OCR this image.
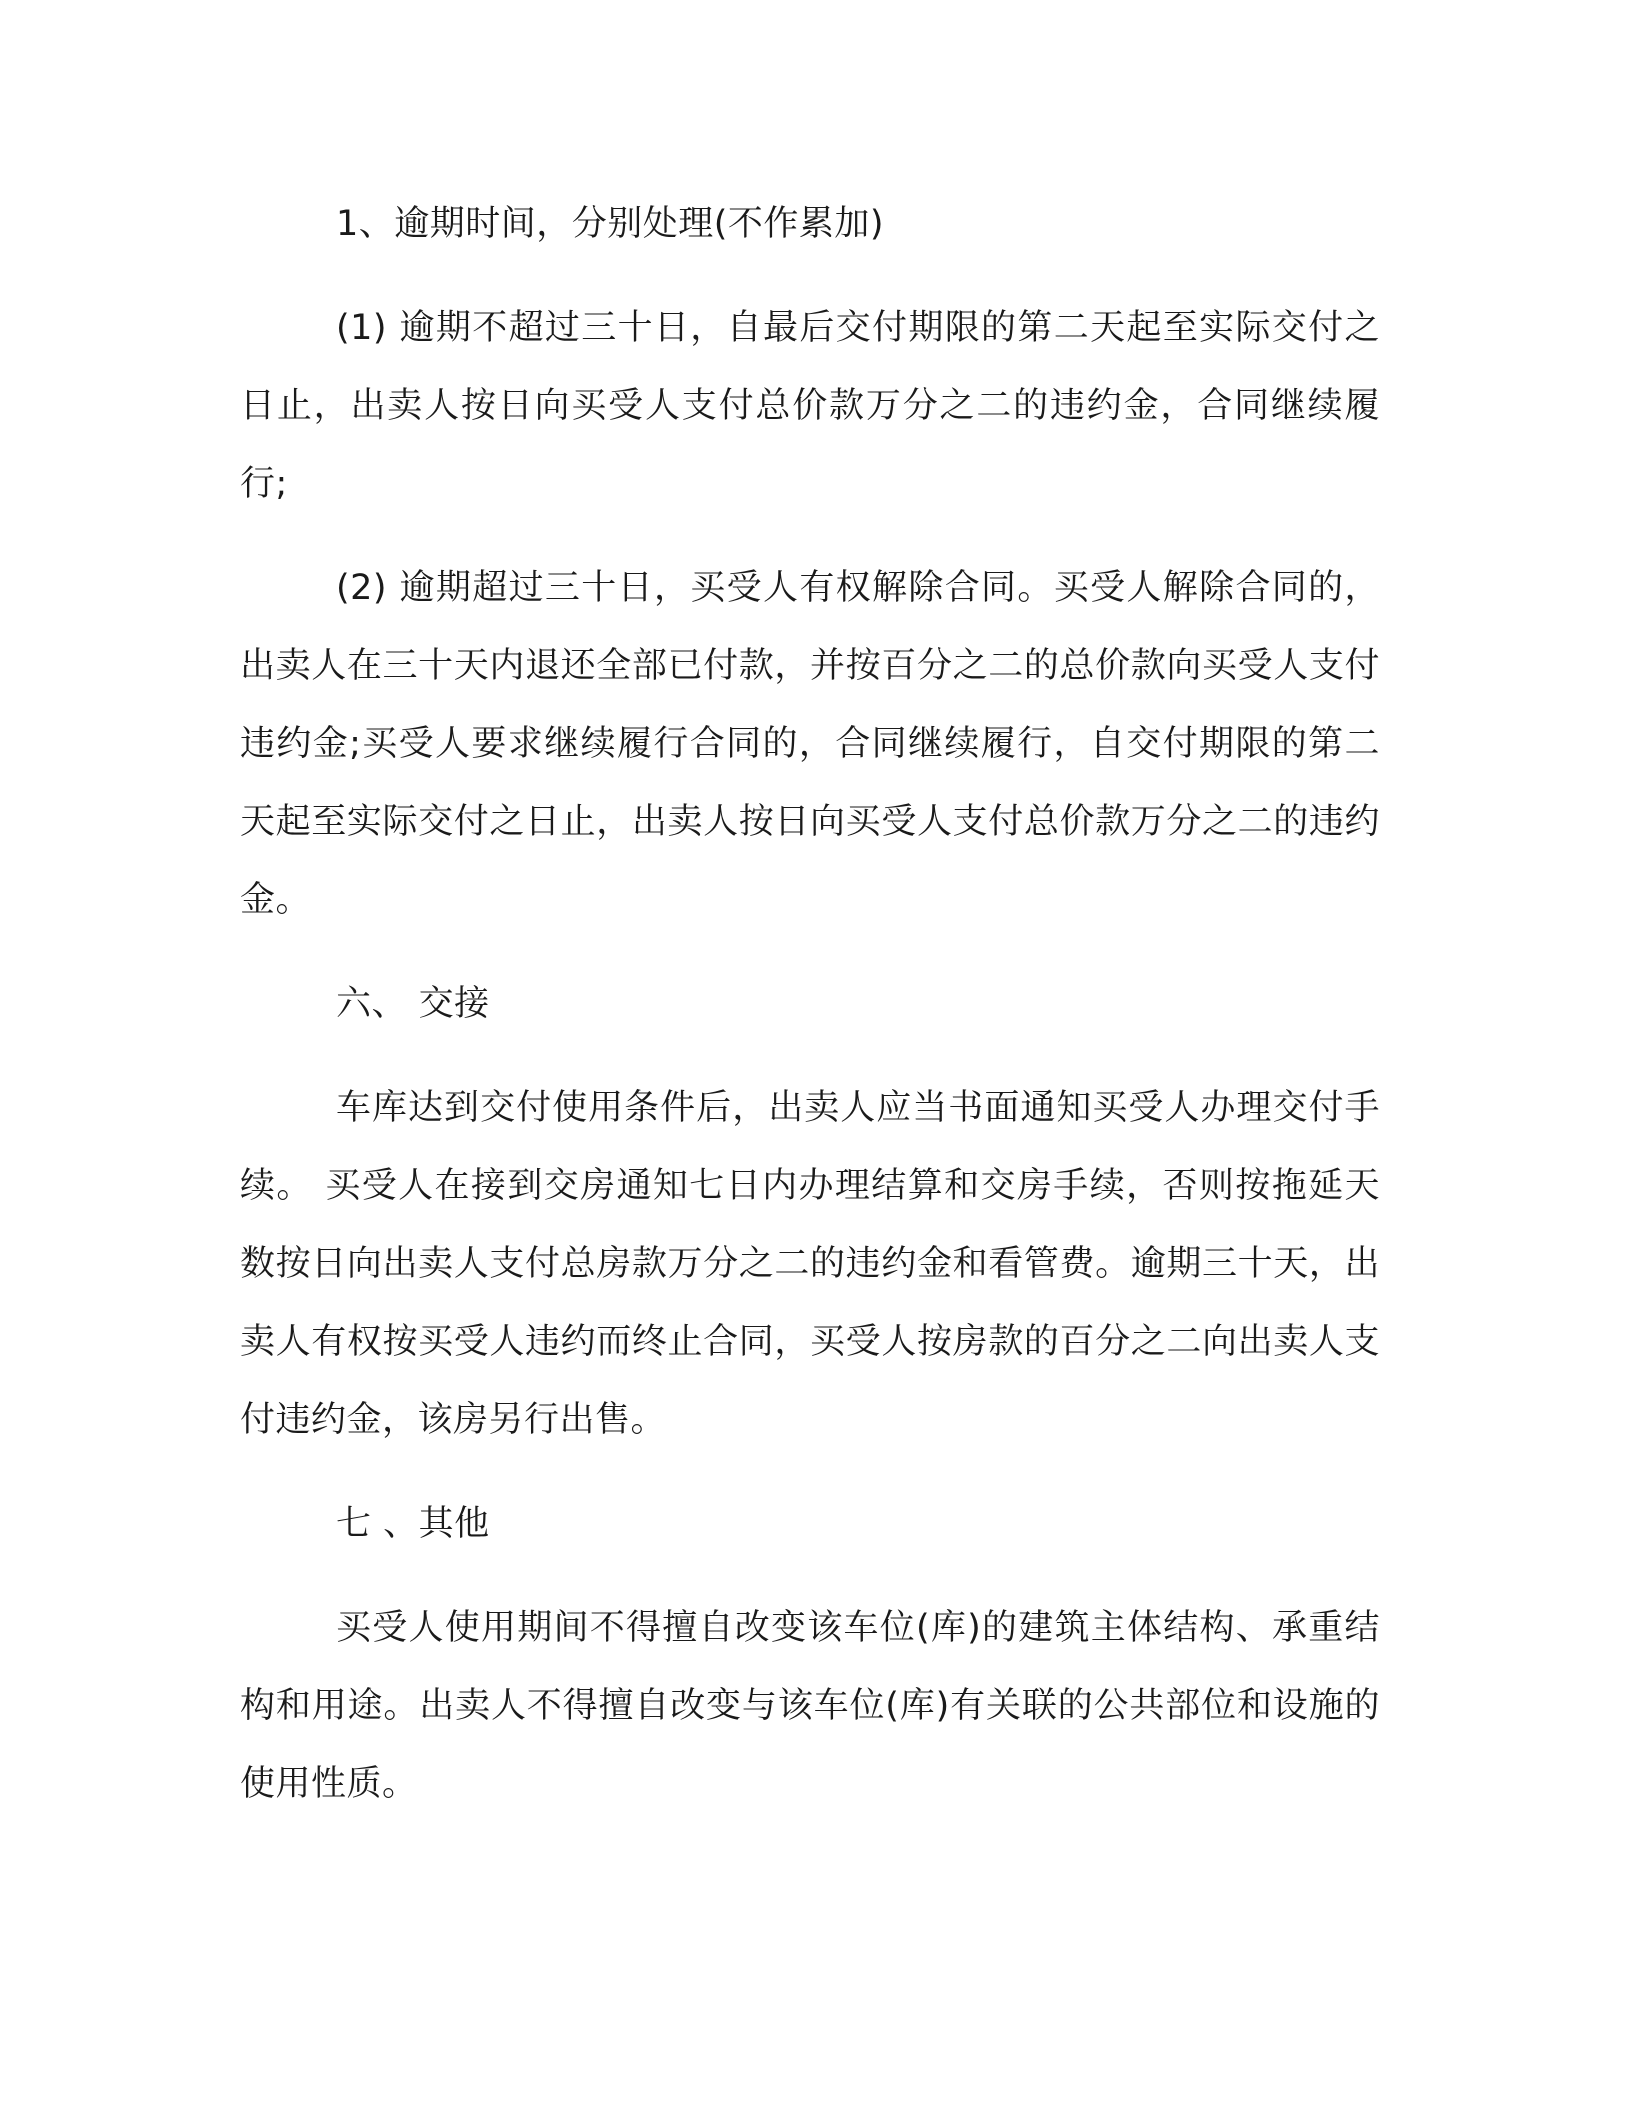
1、逾期时间，分别处理(不作累加)

(1) 逾期不超过三十日，自最后交付期限的第二天起至实际交付之日止，出卖人按日向买受人支付总价款万分之二的违约金，合同继续履行;

(2) 逾期超过三十日，买受人有权解除合同。买受人解除合同的，出卖人在三十天内退还全部已付款，并按百分之二的总价款向买受人支付违约金;买受人要求继续履行合同的，合同继续履行，自交付期限的第二天起至实际交付之日止，出卖人按日向买受人支付总价款万分之二的违约金。

六、 交接

车库达到交付使用条件后，出卖人应当书面通知买受人办理交付手续。 买受人在接到交房通知七日内办理结算和交房手续，否则按拖延天数按日向出卖人支付总房款万分之二的违约金和看管费。逾期三十天，出卖人有权按买受人违约而终止合同，买受人按房款的百分之二向出卖人支付违约金，该房另行出售。

七 、其他

买受人使用期间不得擅自改变该车位(库)的建筑主体结构、承重结构和用途。出卖人不得擅自改变与该车位(库)有关联的公共部位和设施的使用性质。
